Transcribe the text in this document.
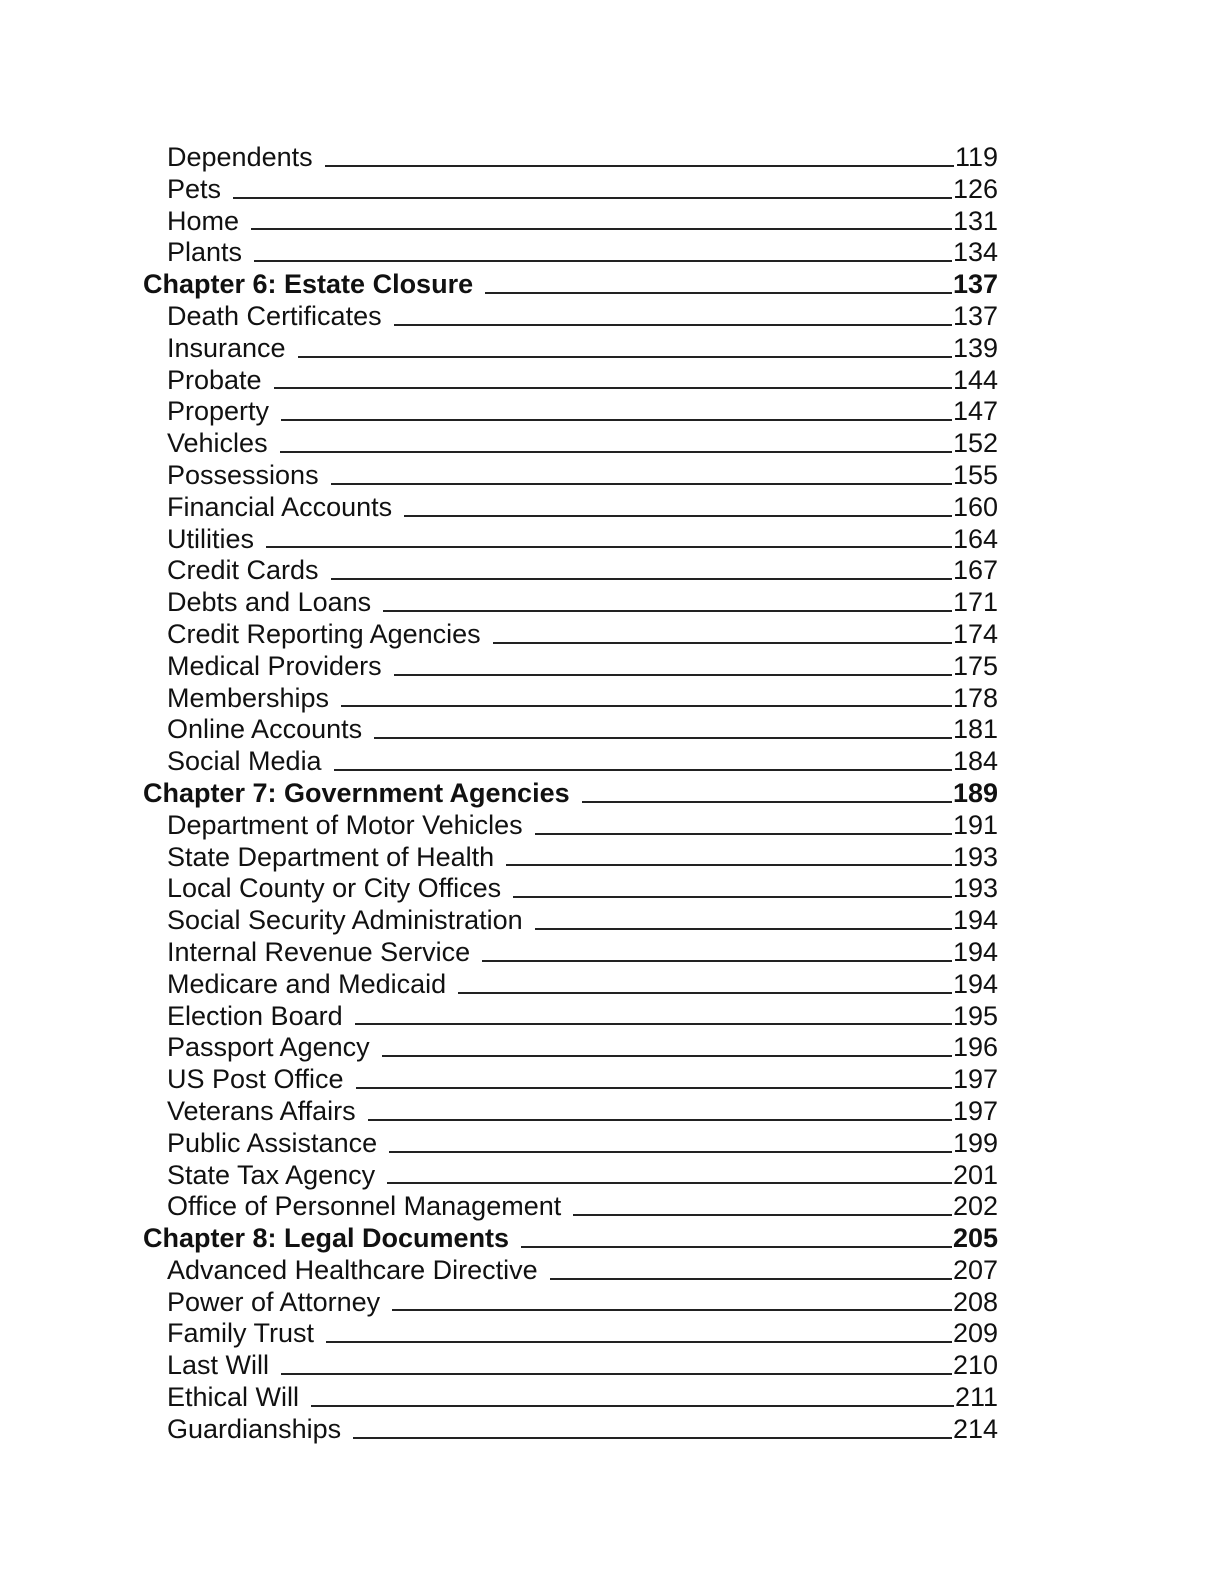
Dependents	119
Pets	126
Home	131
Plants	134
Chapter 6: Estate Closure	137
Death Certificates	137
Insurance	139
Probate	144
Property	147
Vehicles	152
Possessions	155
Financial Accounts	160
Utilities	164
Credit Cards	167
Debts and Loans	171
Credit Reporting Agencies	174
Medical Providers	175
Memberships	178
Online Accounts	181
Social Media	184
Chapter 7: Government Agencies	189
Department of Motor Vehicles	191
State Department of Health	193
Local County or City Offices	193
Social Security Administration	194
Internal Revenue Service	194
Medicare and Medicaid	194
Election Board	195
Passport Agency	196
US Post Office	197
Veterans Affairs	197
Public Assistance	199
State Tax Agency	201
Office of Personnel Management	202
Chapter 8: Legal Documents	205
Advanced Healthcare Directive	207
Power of Attorney	208
Family Trust	209
Last Will	210
Ethical Will	211
Guardianships	214
